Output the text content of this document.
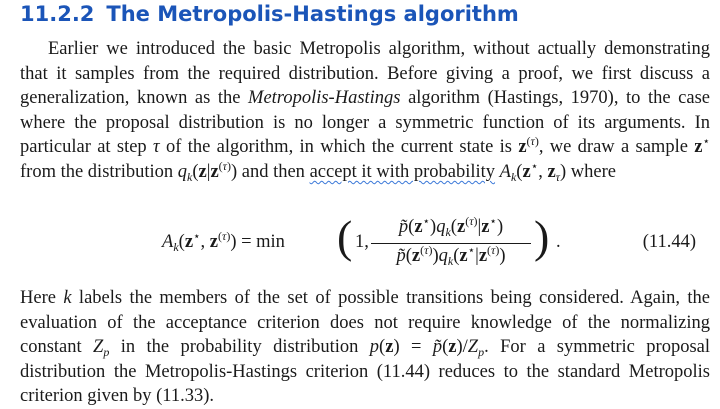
11.2.2 The Metropolis-Hastings algorithm

Earlier we introduced the basic Metropolis algorithm, without actually demonstrating that it samples from the required distribution. Before giving a proof, we first discuss a generalization, known as the Metropolis-Hastings algorithm (Hastings, 1970), to the case where the proposal distribution is no longer a symmetric function of its arguments. In particular at step τ of the algorithm, in which the current state is $z^{(\tau)}$, we draw a sample z⋆ from the distribution $q_k(z|z^{(\tau)})$ and then accept it with probability $A_k(z^⋆$, $z_\tau$) where

$A_k(z^⋆$, $z^{(\tau)}) = \min$ ( 1,
$p̃(z^⋆)q_k(z^{(\tau)}|z^⋆)$
$p̃(z^{(\tau)})q_k(z^⋆|z^{(\tau)})$ ) .	(11.44)

Here k labels the members of the set of possible transitions being considered. Again, the evaluation of the acceptance criterion does not require knowledge of the normalizing constant $Z_p$ in the probability distribution $p(z) = p̃(z)/Z_p$. For a symmetric proposal distribution the Metropolis-Hastings criterion (11.44) reduces to the standard Metropolis criterion given by (11.33).
